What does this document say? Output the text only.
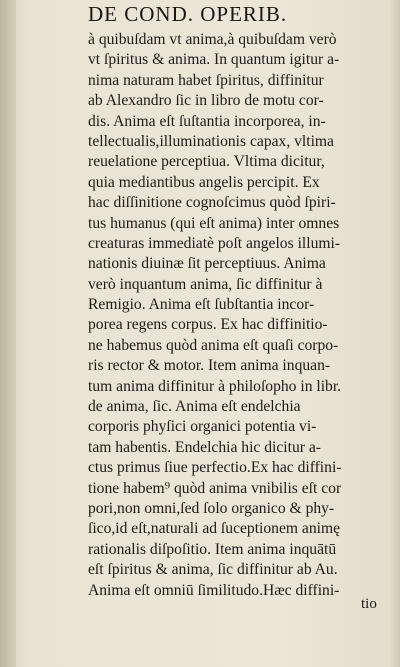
DE COND. OPERIB.
à quibuſdam vt anima,à quibuſdam verò
vt ſpiritus & anima. In quantum igitur a-
nima naturam habet ſpiritus, diffinitur
ab Alexandro ſic in libro de motu cor-
dis. Anima eſt ſuſtantia incorporea, in-
tellectualis,illuminationis capax, vltima
reuelatione perceptiua. Vltima dicitur,
quia mediantibus angelis percipit. Ex
hac diſſinitione cognoſcimus quòd ſpiri-
tus humanus (qui eſt anima) inter omnes
creaturas immediatè poſt angelos illumi-
nationis diuinæ ſit perceptiuus. Anima
verò inquantum anima, ſic diffinitur à
Remigio. Anima eſt ſubſtantia incor-
porea regens corpus. Ex hac diffinitio-
ne habemus quòd anima eſt quaſi corpo-
ris rector & motor. Item anima inquan-
tum anima diffinitur à philoſopho in libr.
de anima, ſic. Anima eſt endelchia
corporis phyſici organici potentia vi-
tam habentis. Endelchia hic dicitur a-
ctus primus ſiue perfectio.Ex hac diffini-
tione habem⁹ quòd anima vnibilis eſt cor
pori,non omni,ſed ſolo organico & phy-
ſico,id eſt,naturali ad ſuceptionem animę
rationalis diſpoſitio. Item anima inquātū
eſt ſpiritus & anima, ſic diffinitur ab Au.
Anima eſt omniū ſimilitudo.Hæc diffini-
tio
